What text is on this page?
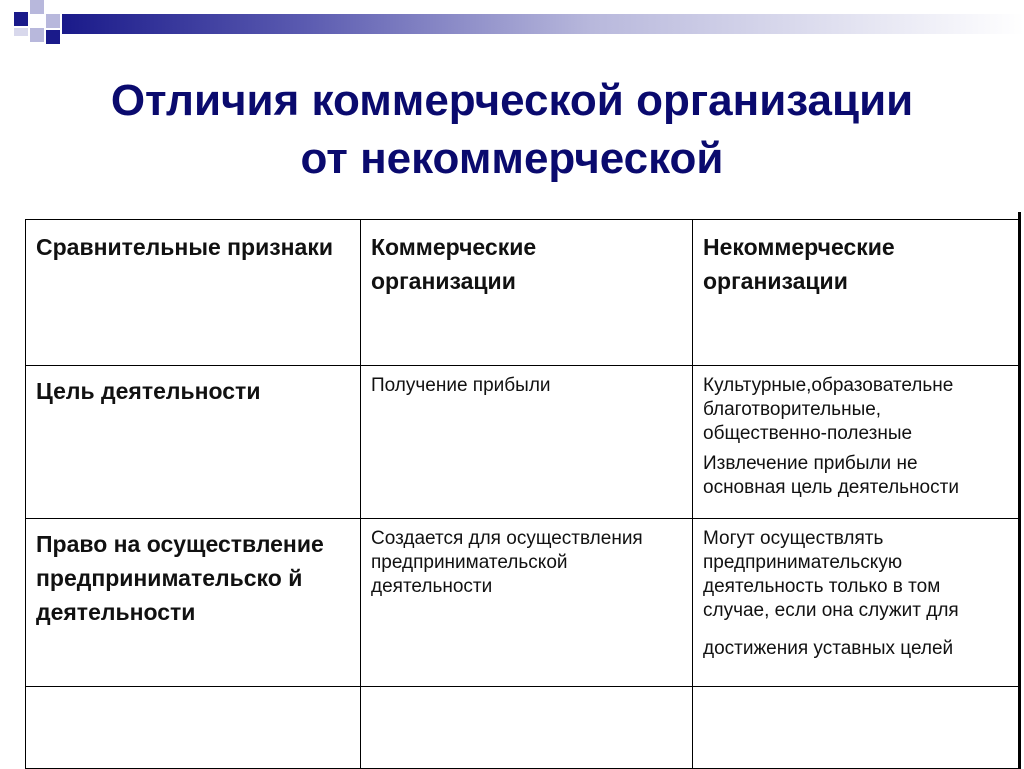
Отличия коммерческой организации
от некоммерческой
Сравнительные признаки	Коммерческие организации	Некоммерческие организации
Цель деятельности	Получение прибыли	Культурные,образовательне
благотворительные,
общественно-полезные
Извлечение прибыли не
основная цель деятельности

Право на осуществление предпринимательско й деятельности	Создается для осуществления предпринимательской деятельности	Могут осуществлять предпринимательскую деятельность только в том случае, если она служит для
достижения уставных целей
